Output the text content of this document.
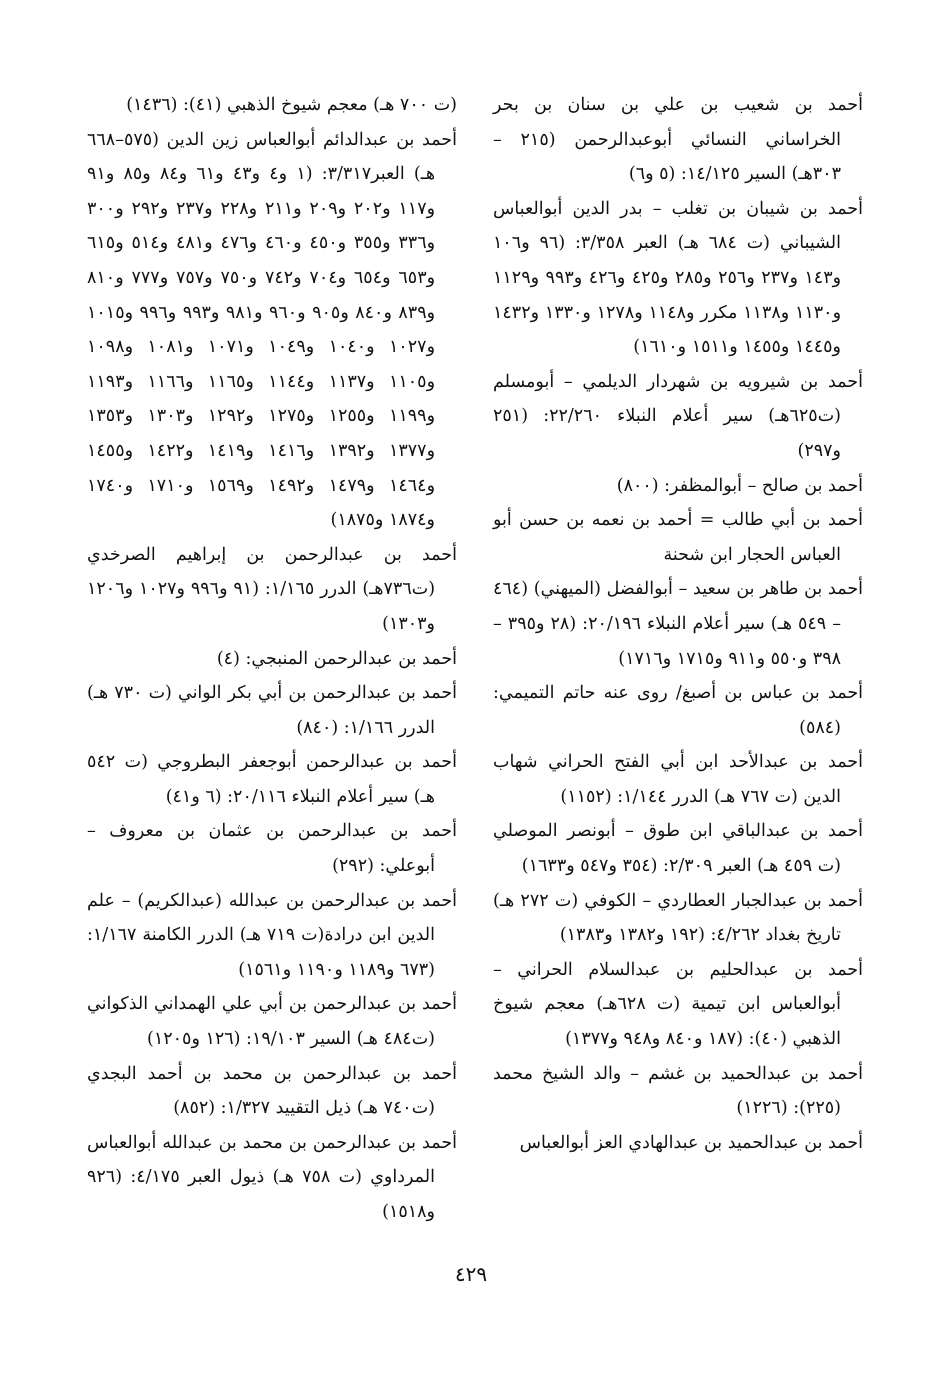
أحمد بن شعيب بن علي بن سنان بن بحر الخراساني النسائي أبوعبدالرحمن (٢١٥ – ٣٠٣هـ) السير ١٤/١٢٥: (٥ و٦)

أحمد بن شيبان بن تغلب – بدر الدين أبوالعباس الشيباني (ت ٦٨٤ هـ) العبر ٣/٣٥٨: (٩٦ و١٠٦ و١٤٣ و٢٣٧ و٢٥٦ و٢٨٥ و٤٢٥ و٤٢٦ و٩٩٣ و١١٢٩ و١١٣٠ و١١٣٨ مكرر و١١٤٨ و١٢٧٨ و١٣٣٠ و١٤٣٢ و١٤٤٥ و١٤٥٥ و١٥١١ و١٦١٠)

أحمد بن شيرويه بن شهردار الديلمي – أبومسلم (ت٦٢٥هـ) سير أعلام النبلاء ٢٢/٢٦٠: (٢٥١ و٢٩٧)

أحمد بن صالح – أبوالمظفر: (٨٠٠)

أحمد بن أبي طالب = أحمد بن نعمه بن حسن أبو العباس الحجار ابن شحنة

أحمد بن طاهر بن سعيد – أبوالفضل (الميهني) (٤٦٤ – ٥٤٩ هـ) سير أعلام النبلاء ٢٠/١٩٦: (٢٨ و٣٩٥ – ٣٩٨ و٥٥٠ و٩١١ و١٧١٥ و١٧١٦)

أحمد بن عباس بن أصبغ/ روى عنه حاتم التميمي: (٥٨٤)

أحمد بن عبدالأحد ابن أبي الفتح الحراني شهاب الدين (ت ٧٦٧ هـ) الدرر ١/١٤٤: (١١٥٢)

أحمد بن عبدالباقي ابن طوق – أبونصر الموصلي (ت ٤٥٩ هـ) العبر ٢/٣٠٩: (٣٥٤ و٥٤٧ و١٦٣٣)

أحمد بن عبدالجبار العطاردي – الكوفي (ت ٢٧٢ هـ) تاريخ بغداد ٤/٢٦٢: (١٩٢ و١٣٨٢ و١٣٨٣)

أحمد بن عبدالحليم بن عبدالسلام الحراني – أبوالعباس ابن تيمية (ت ٦٢٨هـ) معجم شيوخ الذهبي (٤٠): (١٨٧ و٨٤٠ و٩٤٨ و١٣٧٧)

أحمد بن عبدالحميد بن غشم – والد الشيخ محمد (٢٢٥): (١٢٢٦)

أحمد بن عبدالحميد بن عبدالهادي العز أبوالعباس

(ت ٧٠٠ هـ) معجم شيوخ الذهبي (٤١): (١٤٣٦)

أحمد بن عبدالدائم أبوالعباس زين الدين (٥٧٥–٦٦٨ هـ) العبر٣/٣١٧: (١ و٤ و٤٣ و٦١ و٨٤ و٨٥ و٩١ و١١٧ و٢٠٢ و٢٠٩ و٢١١ و٢٢٨ و٢٣٧ و٢٩٢ و٣٠٠ و٣٣٦ و٣٥٥ و٤٥٠ و٤٦٠ و٤٧٦ و٤٨١ و٥١٤ و٦١٥ و٦٥٣ و٦٥٤ و٧٠٤ و٧٤٢ و٧٥٠ و٧٥٧ و٧٧٧ و٨١٠ و٨٣٩ و٨٤٠ و٩٠٥ و٩٦٠ و٩٨١ و٩٩٣ و٩٩٦ و١٠١٥ و١٠٢٧ و١٠٤٠ و١٠٤٩ و١٠٧١ و١٠٨١ و١٠٩٨ و١١٠٥ و١١٣٧ و١١٤٤ و١١٦٥ و١١٦٦ و١١٩٣ و١١٩٩ و١٢٥٥ و١٢٧٥ و١٢٩٢ و١٣٠٣ و١٣٥٣ و١٣٧٧ و١٣٩٢ و١٤١٦ و١٤١٩ و١٤٢٢ و١٤٥٥ و١٤٦٤ و١٤٧٩ و١٤٩٢ و١٥٦٩ و١٧١٠ و١٧٤٠ و١٨٧٤ و١٨٧٥)

أحمد بن عبدالرحمن بن إبراهيم الصرخدي (ت٧٣٦هـ) الدرر ١/١٦٥: (٩١ و٩٩٦ و١٠٢٧ و١٢٠٦ و١٣٠٣)

أحمد بن عبدالرحمن المنبجي: (٤)

أحمد بن عبدالرحمن بن أبي بكر الواني (ت ٧٣٠ هـ) الدرر ١/١٦٦: (٨٤٠)

أحمد بن عبدالرحمن أبوجعفر البطروجي (ت ٥٤٢ هـ) سير أعلام النبلاء ٢٠/١١٦: (٦ و٤١)

أحمد بن عبدالرحمن بن عثمان بن معروف – أبوعلي: (٢٩٢)

أحمد بن عبدالرحمن بن عبدالله (عبدالكريم) – علم الدين ابن درادة(ت ٧١٩ هـ) الدرر الكامنة ١/١٦٧: (٦٧٣ و١١٨٩ و١١٩٠ و١٥٦١)

أحمد بن عبدالرحمن بن أبي علي الهمداني الذكواني (ت٤٨٤ هـ) السير ١٩/١٠٣: (١٢٦ و١٢٠٥)

أحمد بن عبدالرحمن بن محمد بن أحمد البجدي (ت٧٤٠ هـ) ذيل التقييد ١/٣٢٧: (٨٥٢)

أحمد بن عبدالرحمن بن محمد بن عبدالله أبوالعباس المرداوي (ت ٧٥٨ هـ) ذيول العبر ٤/١٧٥: (٩٢٦ و١٥١٨)

٤٢٩
